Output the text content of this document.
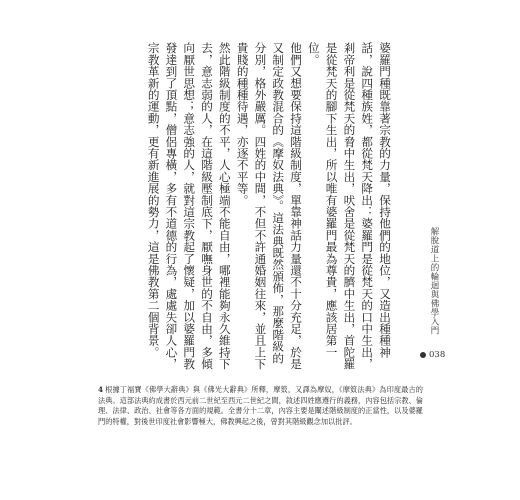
婆羅門種既靠著宗教的力量，保持他們的地位，又造出種種神話，說四種族姓，都從梵天降出：婆羅門是從梵天的口中生出，剎帝利是從梵天的脅中生出，吠舍是從梵天的臍中生出，首陀羅是從梵天的腳下生出，所以唯有婆羅門最為尊貴，應該居第一位。

他們又想要保持這階級制度，單靠神話力量還不十分充足，於是又制定政教混合的《摩奴法典》。這法典既然頒佈，那麼階級的分別，格外嚴厲。四姓的中間，不但不許通婚姻往來，並且上下貴賤的種種待遇，亦逐不平等。

然此階級制度的不平，人心極端不能自由，哪裡能夠永久維持下去，意志弱的人，在這階級壓制底下，厭嘸身世的不自由，多傾向厭世思想；意志強的人，就對這宗教起了懷疑，加以婆羅門教發達到了頂點，僧侶專橫，多有不道德的行為，處處失卻人心，宗教革新的運動，更有新進展的勢力，這是佛教第二個背景。	解脫道上的輪迴與佛學入門
038
4 根據丁福寶《佛學大辭典》與《佛光大辭典》所釋，摩笯，又譯為摩奴，《摩笯法典》為印度最古的法典。這部法典約成書於西元前二世紀至西元二世紀之間，敘述四姓應遵行的義務，內容包括宗教、倫理、法律、政治、社會等各方面的規範。全書分十二章，內容主要是闡述階級制度的正當性，以及婆羅門的特權，對後世印度社會影響極大，佛教興起之後，曾對其階級觀念加以批評。
